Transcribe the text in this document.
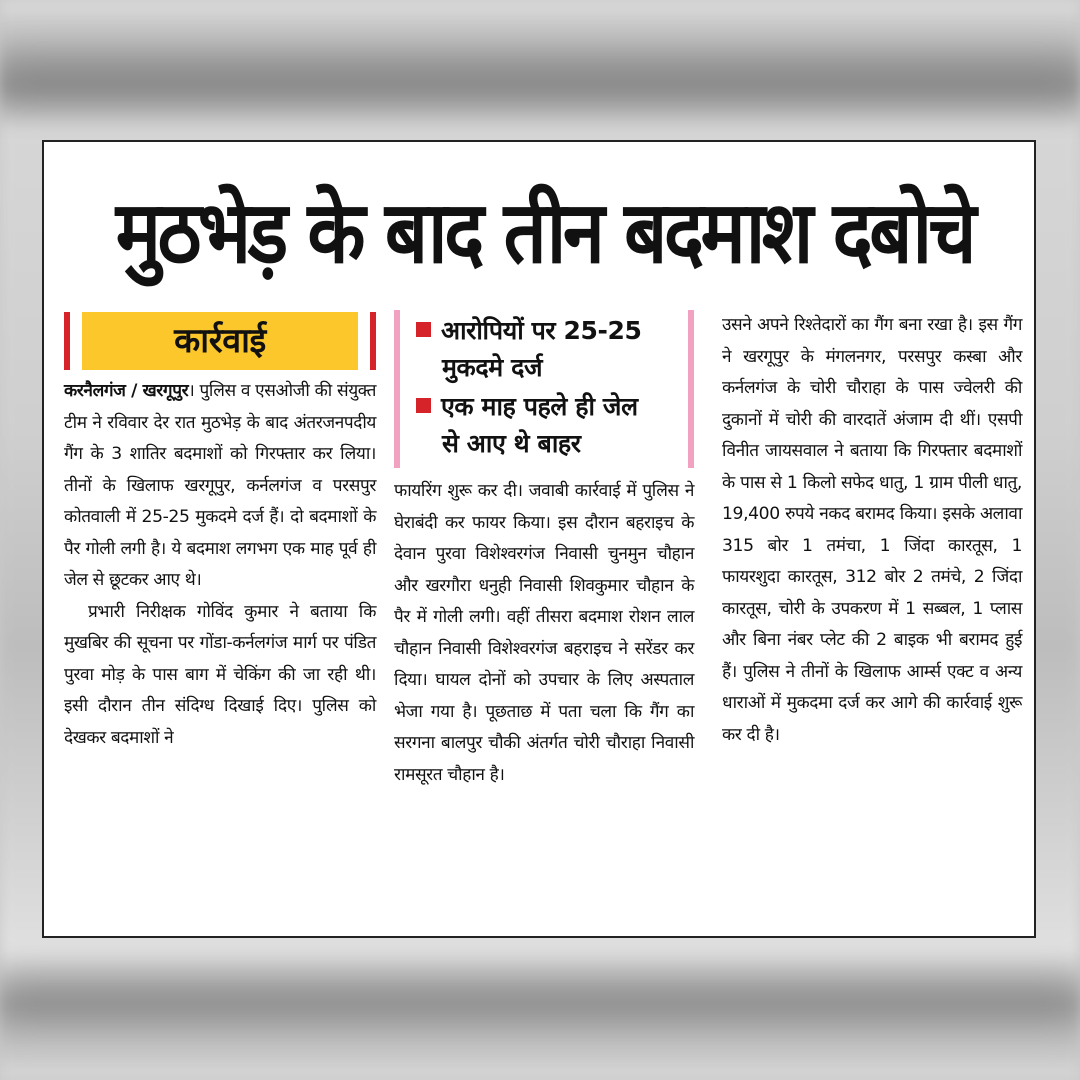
मुठभेड़ के बाद तीन बदमाश दबोचे
कार्रवाई

करनैलगंज / खरगूपुर। पुलिस व एसओजी की संयुक्त टीम ने रविवार देर रात मुठभेड़ के बाद अंतरजनपदीय गैंग के 3 शातिर बदमाशों को गिरफ्तार कर लिया। तीनों के खिलाफ खरगूपुर, कर्नलगंज व परसपुर कोतवाली में 25-25 मुकदमे दर्ज हैं। दो बदमाशों के पैर गोली लगी है। ये बदमाश लगभग एक माह पूर्व ही जेल से छूटकर आए थे।

प्रभारी निरीक्षक गोविंद कुमार ने बताया कि मुखबिर की सूचना पर गोंडा-कर्नलगंज मार्ग पर पंडित पुरवा मोड़ के पास बाग में चेकिंग की जा रही थी। इसी दौरान तीन संदिग्ध दिखाई दिए। पुलिस को देखकर बदमाशों ने

आरोपियों पर 25-25
मुकदमे दर्ज
एक माह पहले ही जेल
से आए थे बाहर

फायरिंग शुरू कर दी। जवाबी कार्रवाई में पुलिस ने घेराबंदी कर फायर किया। इस दौरान बहराइच के देवान पुरवा विशेश्वरगंज निवासी चुनमुन चौहान और खरगौरा धनुही निवासी शिवकुमार चौहान के पैर में गोली लगी। वहीं तीसरा बदमाश रोशन लाल चौहान निवासी विशेश्वरगंज बहराइच ने सरेंडर कर दिया। घायल दोनों को उपचार के लिए अस्पताल भेजा गया है। पूछताछ में पता चला कि गैंग का सरगना बालपुर चौकी अंतर्गत चोरी चौराहा निवासी रामसूरत चौहान है।

उसने अपने रिश्तेदारों का गैंग बना रखा है। इस गैंग ने खरगूपुर के मंगलनगर, परसपुर कस्बा और कर्नलगंज के चोरी चौराहा के पास ज्वेलरी की दुकानों में चोरी की वारदातें अंजाम दी थीं। एसपी विनीत जायसवाल ने बताया कि गिरफ्तार बदमाशों के पास से 1 किलो सफेद धातु, 1 ग्राम पीली धातु, 19,400 रुपये नकद बरामद किया। इसके अलावा 315 बोर 1 तमंचा, 1 जिंदा कारतूस, 1 फायरशुदा कारतूस, 312 बोर 2 तमंचे, 2 जिंदा कारतूस, चोरी के उपकरण में 1 सब्बल, 1 प्लास और बिना नंबर प्लेट की 2 बाइक भी बरामद हुई हैं। पुलिस ने तीनों के खिलाफ आर्म्स एक्ट व अन्य धाराओं में मुकदमा दर्ज कर आगे की कार्रवाई शुरू कर दी है।
